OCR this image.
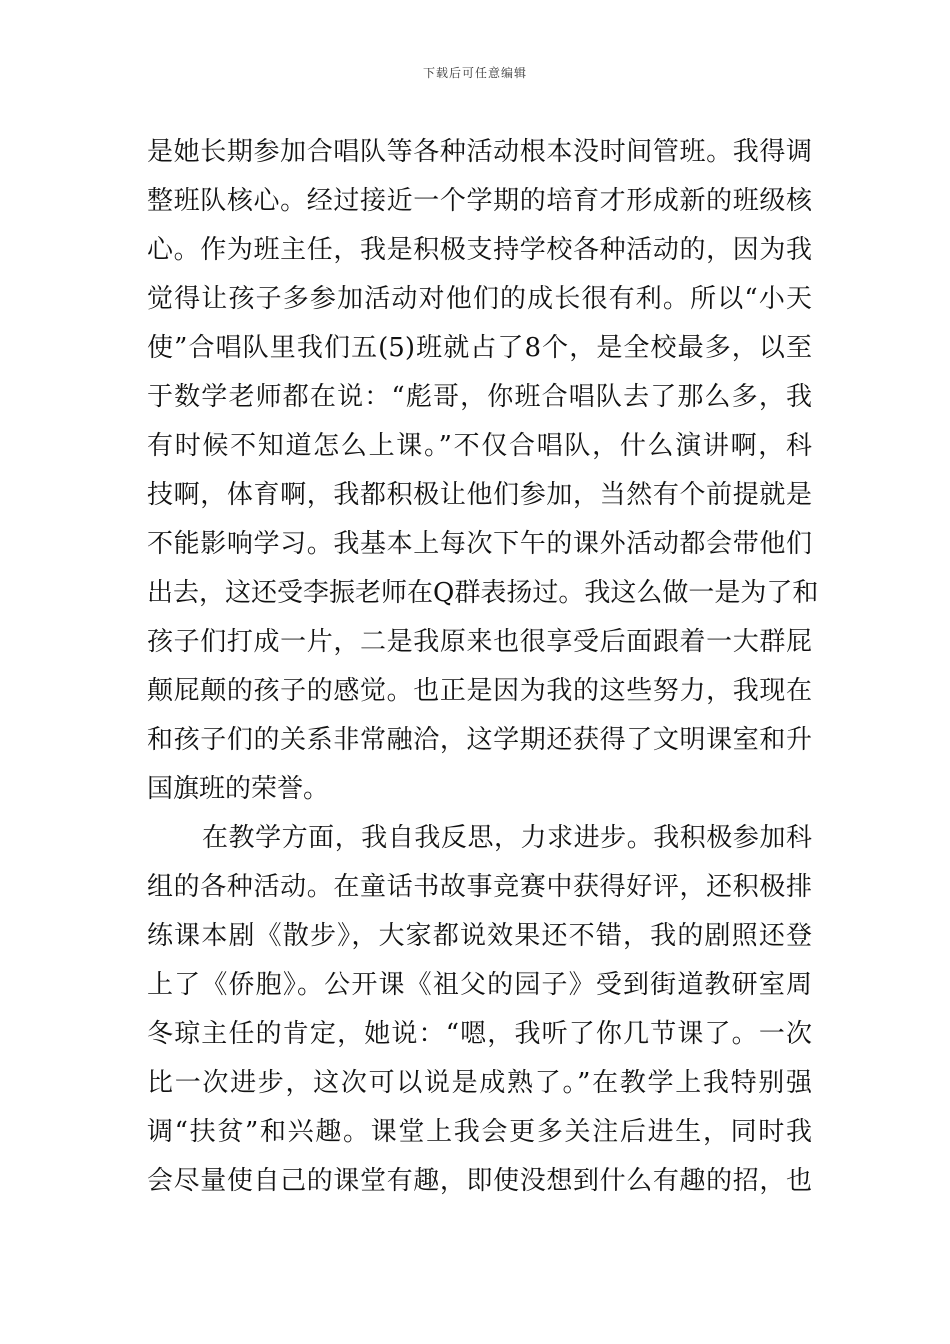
下载后可任意编辑
是她长期参加合唱队等各种活动根本没时间管班。我得调
整班队核心。经过接近一个学期的培育才形成新的班级核
心。作为班主任，我是积极支持学校各种活动的，因为我
觉得让孩子多参加活动对他们的成长很有利。所以“小天
使”合唱队里我们五(5)班就占了8个，是全校最多，以至
于数学老师都在说：“彪哥，你班合唱队去了那么多，我
有时候不知道怎么上课。”不仅合唱队，什么演讲啊，科
技啊，体育啊，我都积极让他们参加，当然有个前提就是
不能影响学习。我基本上每次下午的课外活动都会带他们
出去，这还受李振老师在Q群表扬过。我这么做一是为了和
孩子们打成一片，二是我原来也很享受后面跟着一大群屁
颠屁颠的孩子的感觉。也正是因为我的这些努力，我现在
和孩子们的关系非常融洽，这学期还获得了文明课室和升
国旗班的荣誉。
在教学方面，我自我反思，力求进步。我积极参加科
组的各种活动。在童话书故事竞赛中获得好评，还积极排
练课本剧《散步》，大家都说效果还不错，我的剧照还登
上了《侨胞》。公开课《祖父的园子》受到街道教研室周
冬琼主任的肯定，她说：“嗯，我听了你几节课了。一次
比一次进步，这次可以说是成熟了。”在教学上我特别强
调“扶贫”和兴趣。课堂上我会更多关注后进生，同时我
会尽量使自己的课堂有趣，即使没想到什么有趣的招，也
